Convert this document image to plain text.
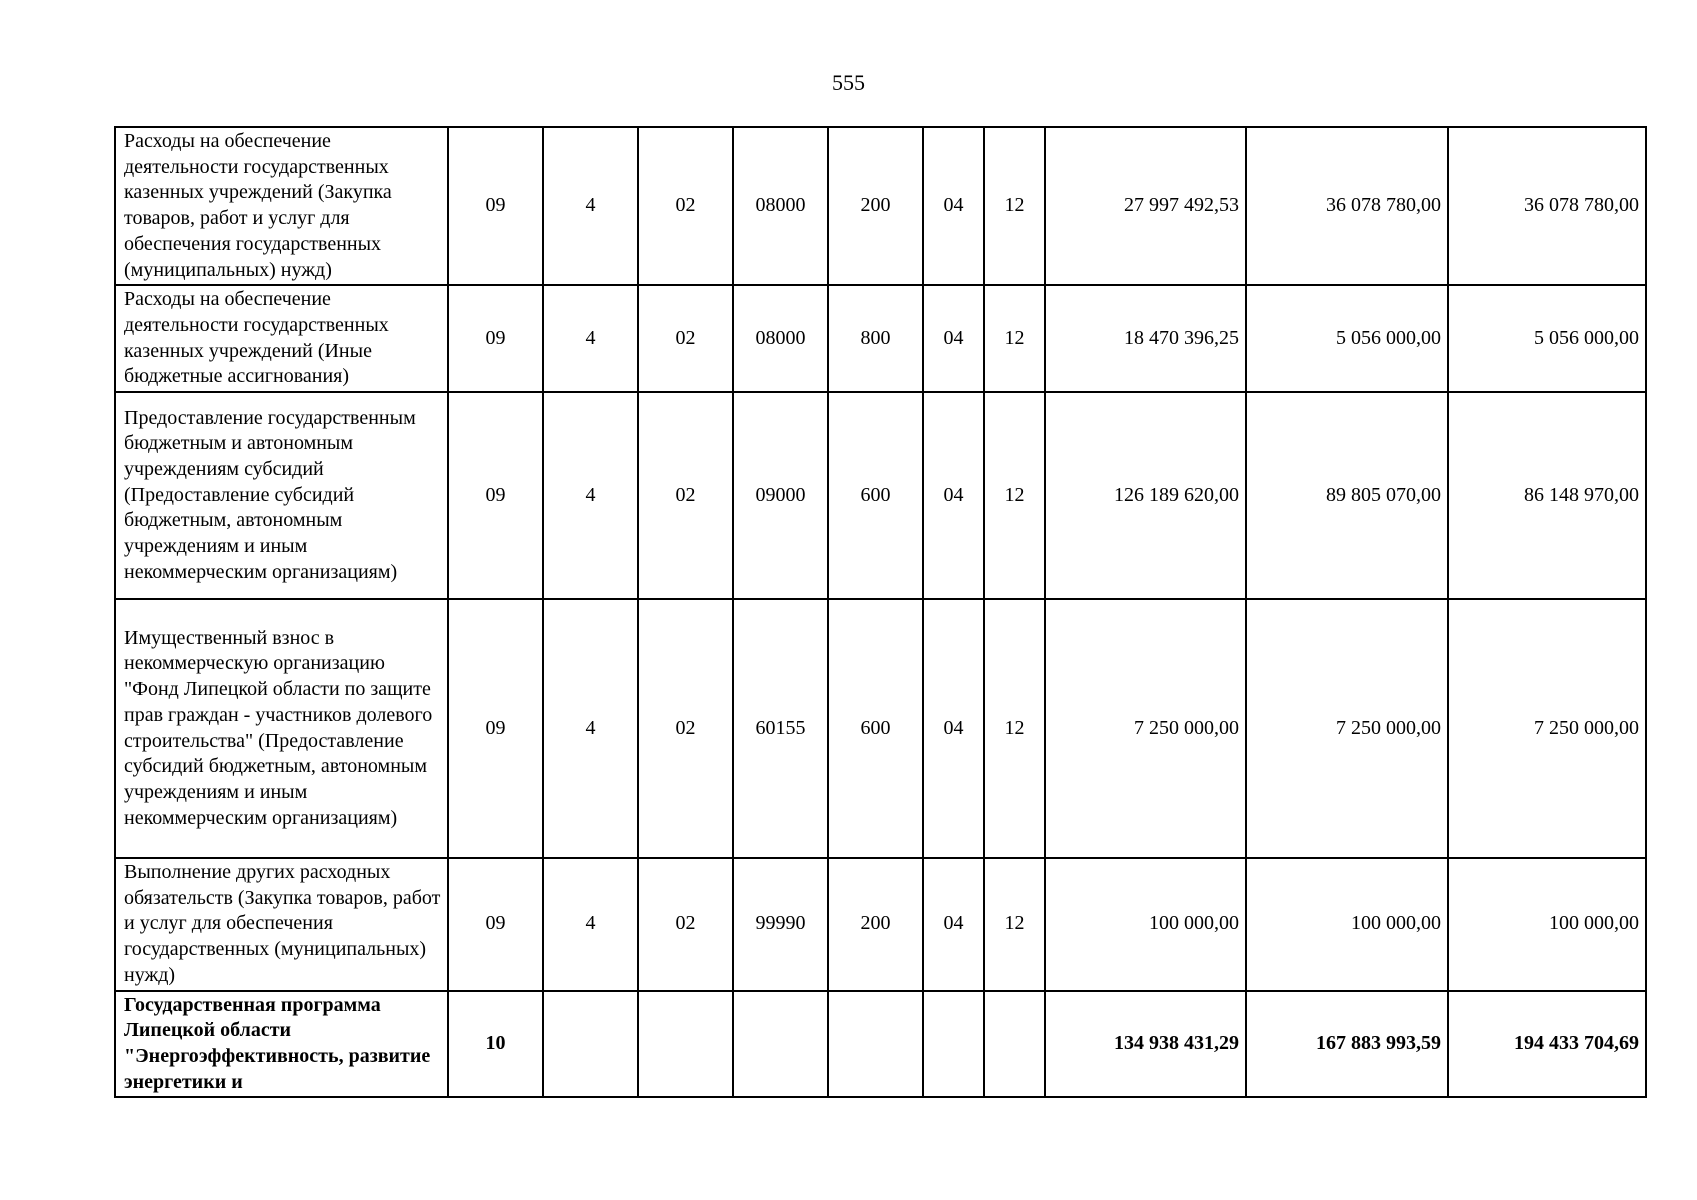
555
Расходы на обеспечение деятельности государственных казенных учреждений (Закупка товаров, работ и услуг для обеспечения государственных (муниципальных) нужд)	09	4	02	08000	200	04	12	27 997 492,53	36 078 780,00	36 078 780,00
Расходы на обеспечение деятельности государственных казенных учреждений (Иные бюджетные ассигнования)	09	4	02	08000	800	04	12	18 470 396,25	5 056 000,00	5 056 000,00
Предоставление государственным бюджетным и автономным учреждениям субсидий (Предоставление субсидий бюджетным, автономным учреждениям и иным некоммерческим организациям)	09	4	02	09000	600	04	12	126 189 620,00	89 805 070,00	86 148 970,00
Имущественный взнос в некоммерческую организацию "Фонд Липецкой области по защите прав граждан - участников долевого строительства" (Предоставление субсидий бюджетным, автономным учреждениям и иным некоммерческим организациям)	09	4	02	60155	600	04	12	7 250 000,00	7 250 000,00	7 250 000,00
Выполнение других расходных обязательств (Закупка товаров, работ и услуг для обеспечения государственных (муниципальных) нужд)	09	4	02	99990	200	04	12	100 000,00	100 000,00	100 000,00
Государственная программа Липецкой области "Энергоэффективность, развитие энергетики и	10							134 938 431,29	167 883 993,59	194 433 704,69
